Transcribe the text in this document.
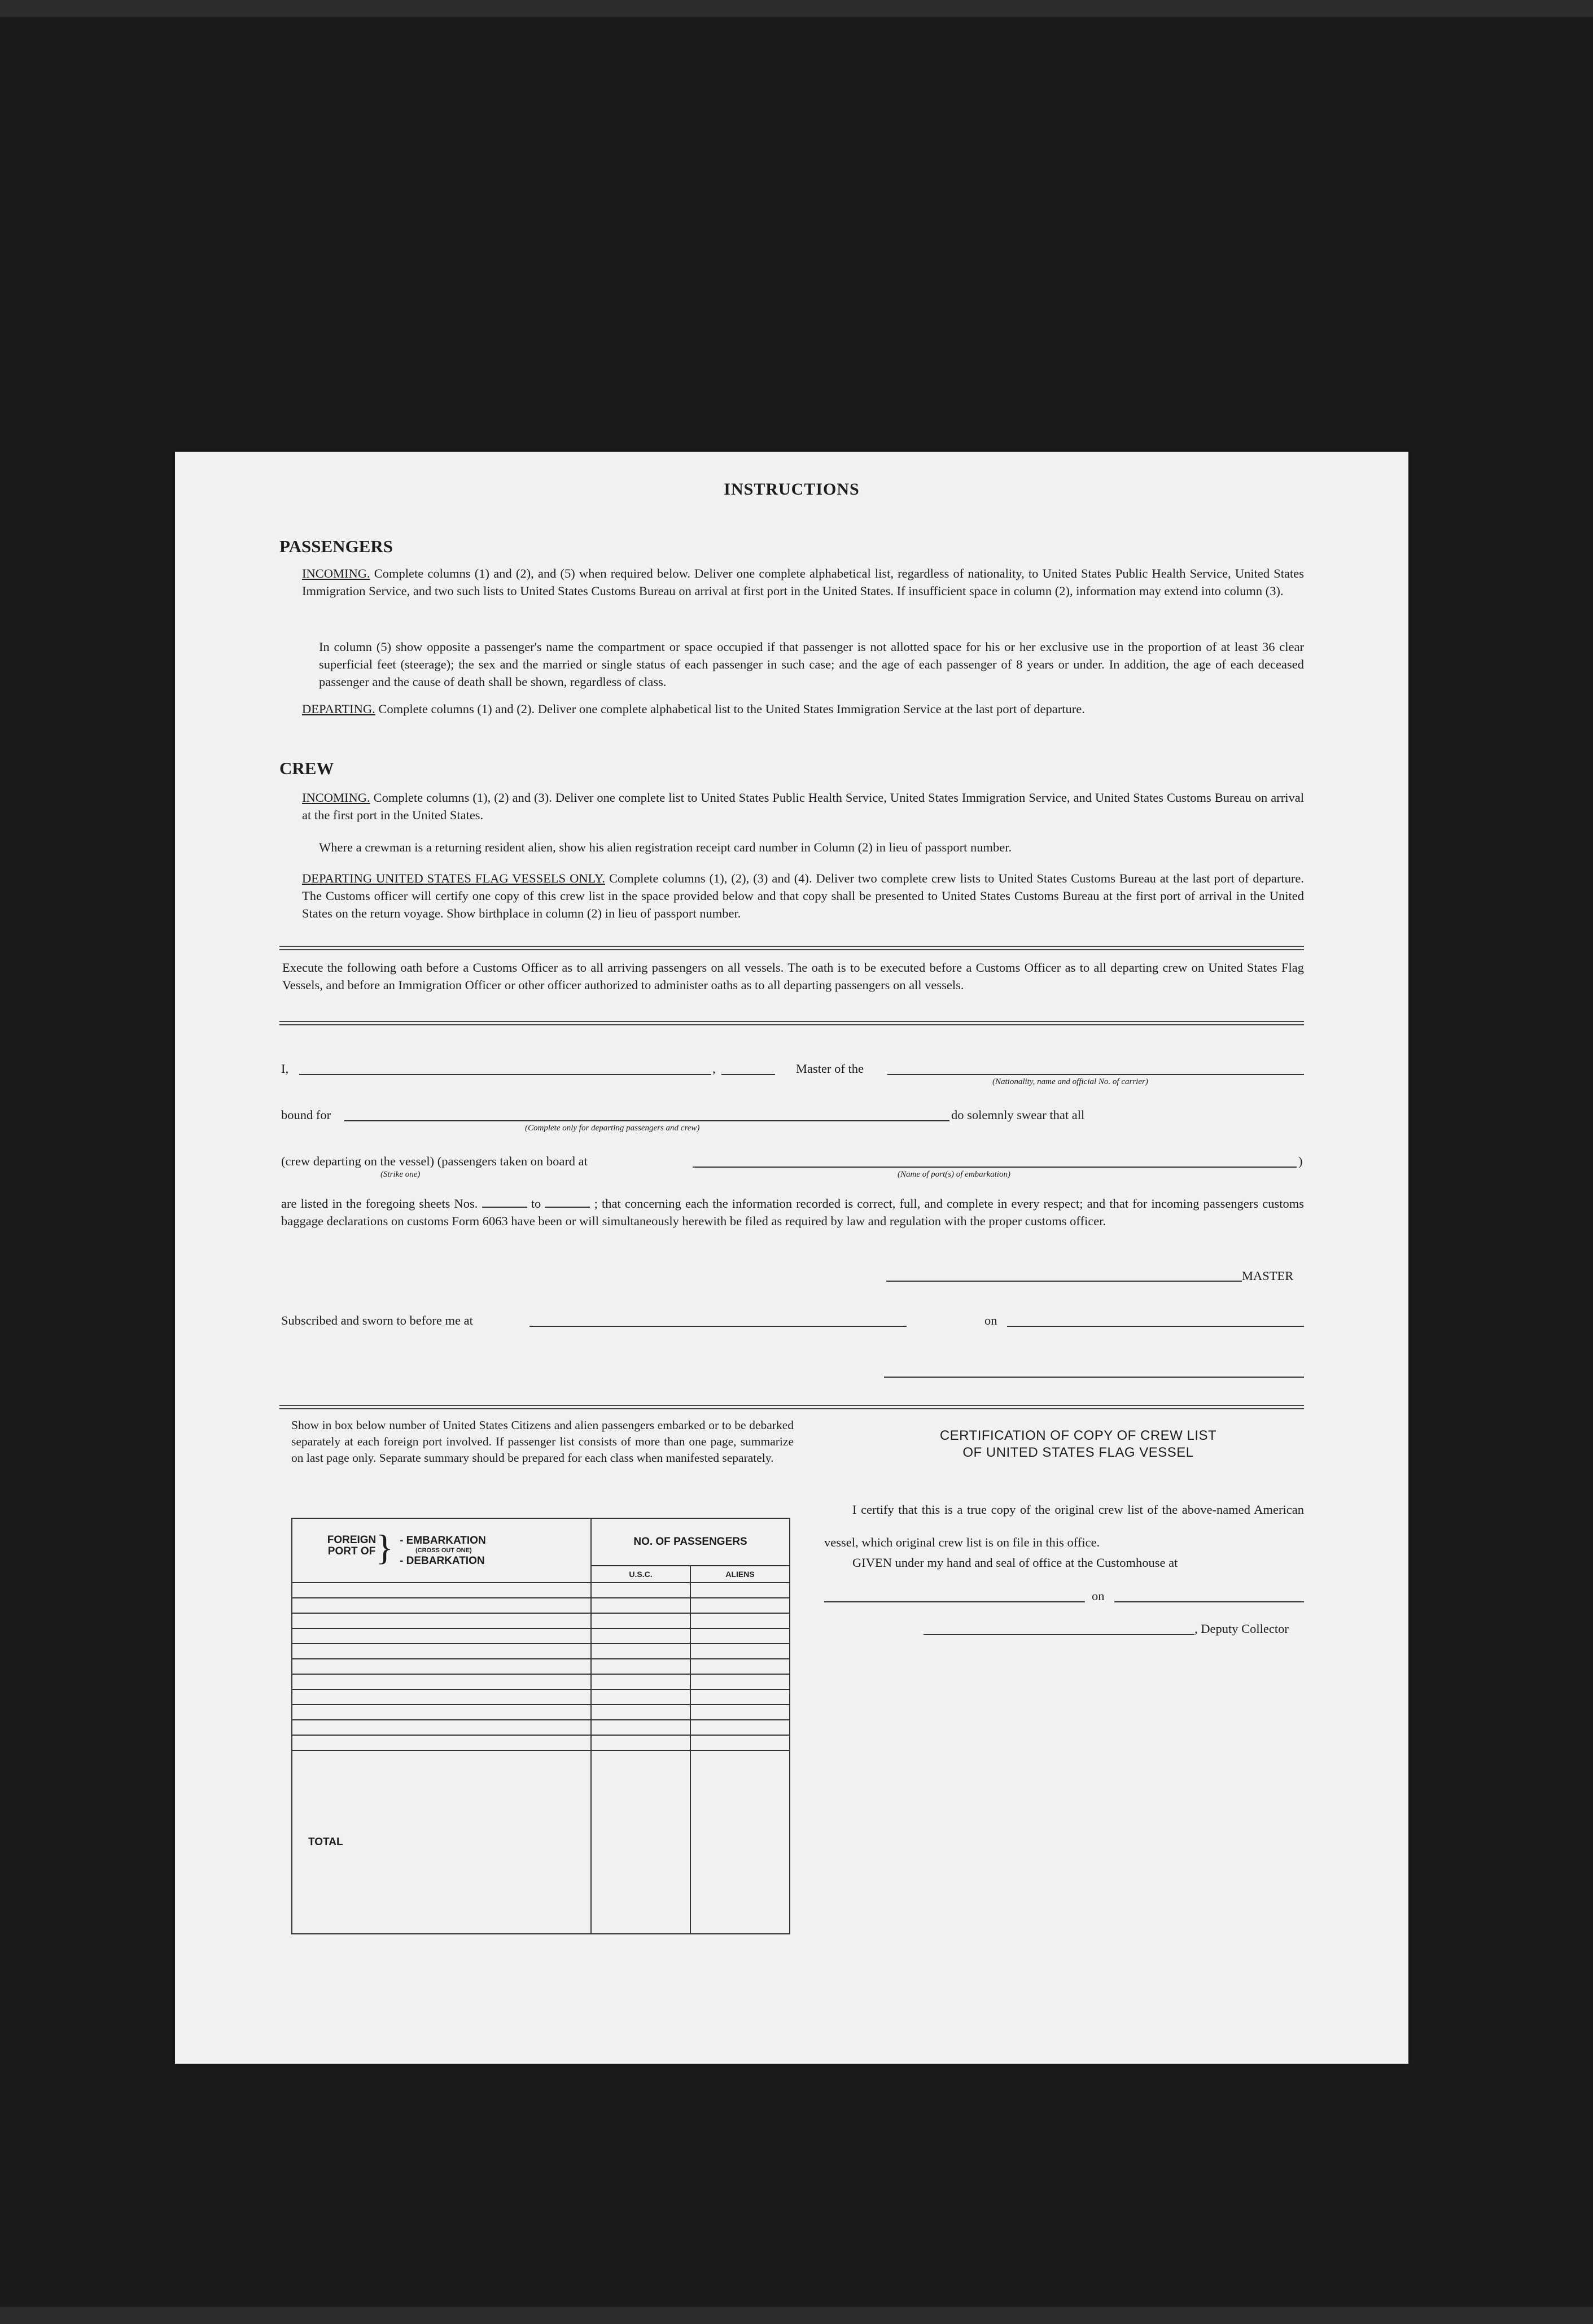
INSTRUCTIONS
PASSENGERS
INCOMING. Complete columns (1) and (2), and (5) when required below. Deliver one complete alphabetical list, regardless of nationality, to United States Public Health Service, United States Immigration Service, and two such lists to United States Customs Bureau on arrival at first port in the United States. If insufficient space in column (2), information may extend into column (3).
In column (5) show opposite a passenger's name the compartment or space occupied if that passenger is not allotted space for his or her exclusive use in the proportion of at least 36 clear superficial feet (steerage); the sex and the married or single status of each passenger in such case; and the age of each passenger of 8 years or under. In addition, the age of each deceased passenger and the cause of death shall be shown, regardless of class.
DEPARTING. Complete columns (1) and (2). Deliver one complete alphabetical list to the United States Immigration Service at the last port of departure.
CREW
INCOMING. Complete columns (1), (2) and (3). Deliver one complete list to United States Public Health Service, United States Immigration Service, and United States Customs Bureau on arrival at the first port in the United States.
Where a crewman is a returning resident alien, show his alien registration receipt card number in Column (2) in lieu of passport number.
DEPARTING UNITED STATES FLAG VESSELS ONLY. Complete columns (1), (2), (3) and (4). Deliver two complete crew lists to United States Customs Bureau at the last port of departure. The Customs officer will certify one copy of this crew list in the space provided below and that copy shall be presented to United States Customs Bureau at the first port of arrival in the United States on the return voyage. Show birthplace in column (2) in lieu of passport number.
Execute the following oath before a Customs Officer as to all arriving passengers on all vessels. The oath is to be executed before a Customs Officer as to all departing crew on United States Flag Vessels, and before an Immigration Officer or other officer authorized to administer oaths as to all departing passengers on all vessels.
I,	,	Master of the
(Nationality, name and official No. of carrier)
bound for
(Complete only for departing passengers and crew)
do solemnly swear that all
(crew departing on the vessel) (passengers taken on board at
(Strike one)	(Name of port(s) of embarkation)
)
are listed in the foregoing sheets Nos.	to	; that concerning each the information recorded is correct, full, and complete in every respect; and that for incoming passengers customs baggage declarations on customs Form 6063 have been or will simultaneously herewith be filed as required by law and regulation with the proper customs officer.
MASTER
Subscribed and sworn to before me at	on
Show in box below number of United States Citizens and alien passengers embarked or to be debarked separately at each foreign port involved. If passenger list consists of more than one page, summarize on last page only. Separate summary should be prepared for each class when manifested separately.
FOREIGN PORT OF } - EMBARKATION
(CROSS OUT ONE)
- DEBARKATION	NO. OF PASSENGERS	
	U.S.C.	ALIENS

TOTAL		
CERTIFICATION OF COPY OF CREW LIST
OF UNITED STATES FLAG VESSEL
I certify that this is a true copy of the original crew list of the above-named American vessel, which original crew list is on file in this office.
GIVEN under my hand and seal of office at the Customhouse at
on
, Deputy Collector
